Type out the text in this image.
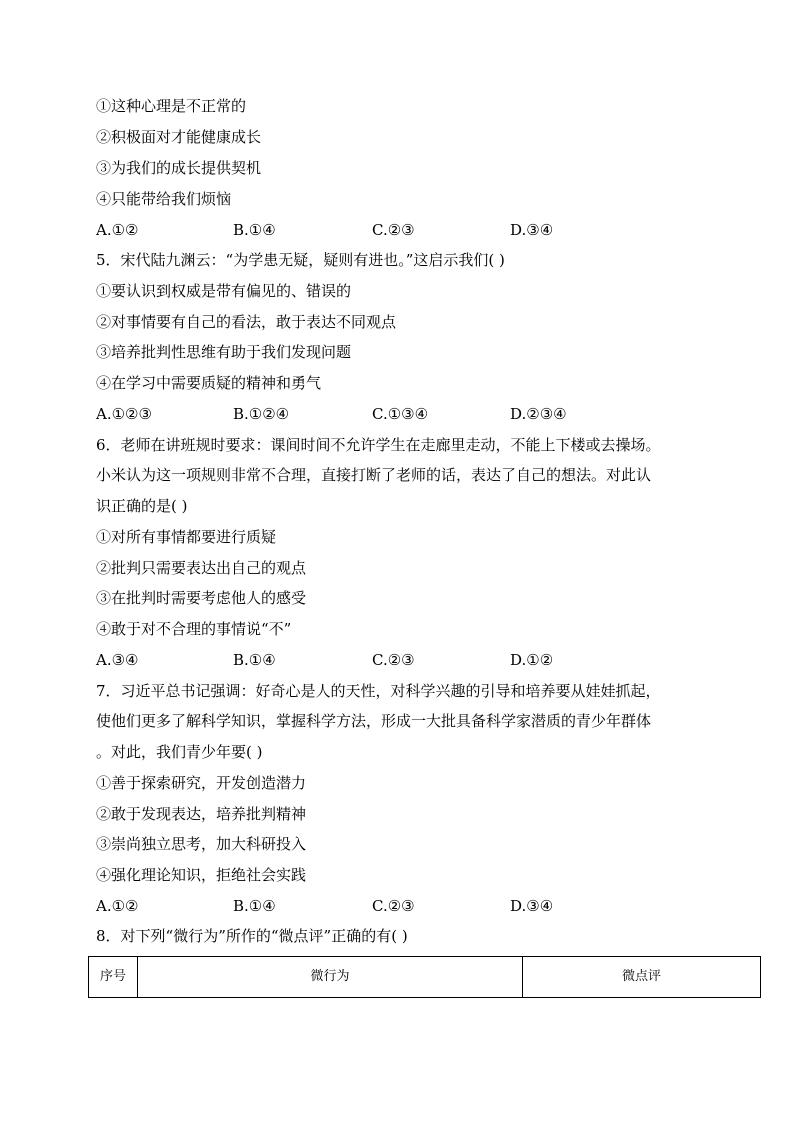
①这种心理是不正常的
②积极面对才能健康成长
③为我们的成长提供契机
④只能带给我们烦恼
A.①②	B.①④	C.②③	D.③④
5．宋代陆九渊云：“为学患无疑，疑则有进也。”这启示我们( )
①要认识到权威是带有偏见的、错误的
②对事情要有自己的看法，敢于表达不同观点
③培养批判性思维有助于我们发现问题
④在学习中需要质疑的精神和勇气
A.①②③	B.①②④	C.①③④	D.②③④
6．老师在讲班规时要求：课间时间不允许学生在走廊里走动，不能上下楼或去操场。
小米认为这一项规则非常不合理，直接打断了老师的话，表达了自己的想法。对此认
识正确的是( )
①对所有事情都要进行质疑
②批判只需要表达出自己的观点
③在批判时需要考虑他人的感受
④敢于对不合理的事情说“不”
A.③④	B.①④	C.②③	D.①②
7．习近平总书记强调：好奇心是人的天性，对科学兴趣的引导和培养要从娃娃抓起，
使他们更多了解科学知识，掌握科学方法，形成一大批具备科学家潜质的青少年群体
。对此，我们青少年要( )
①善于探索研究，开发创造潜力
②敢于发现表达，培养批判精神
③崇尚独立思考，加大科研投入
④强化理论知识，拒绝社会实践
A.①②	B.①④	C.②③	D.③④
8．对下列“微行为”所作的“微点评”正确的有( )
序号	微行为	微点评
